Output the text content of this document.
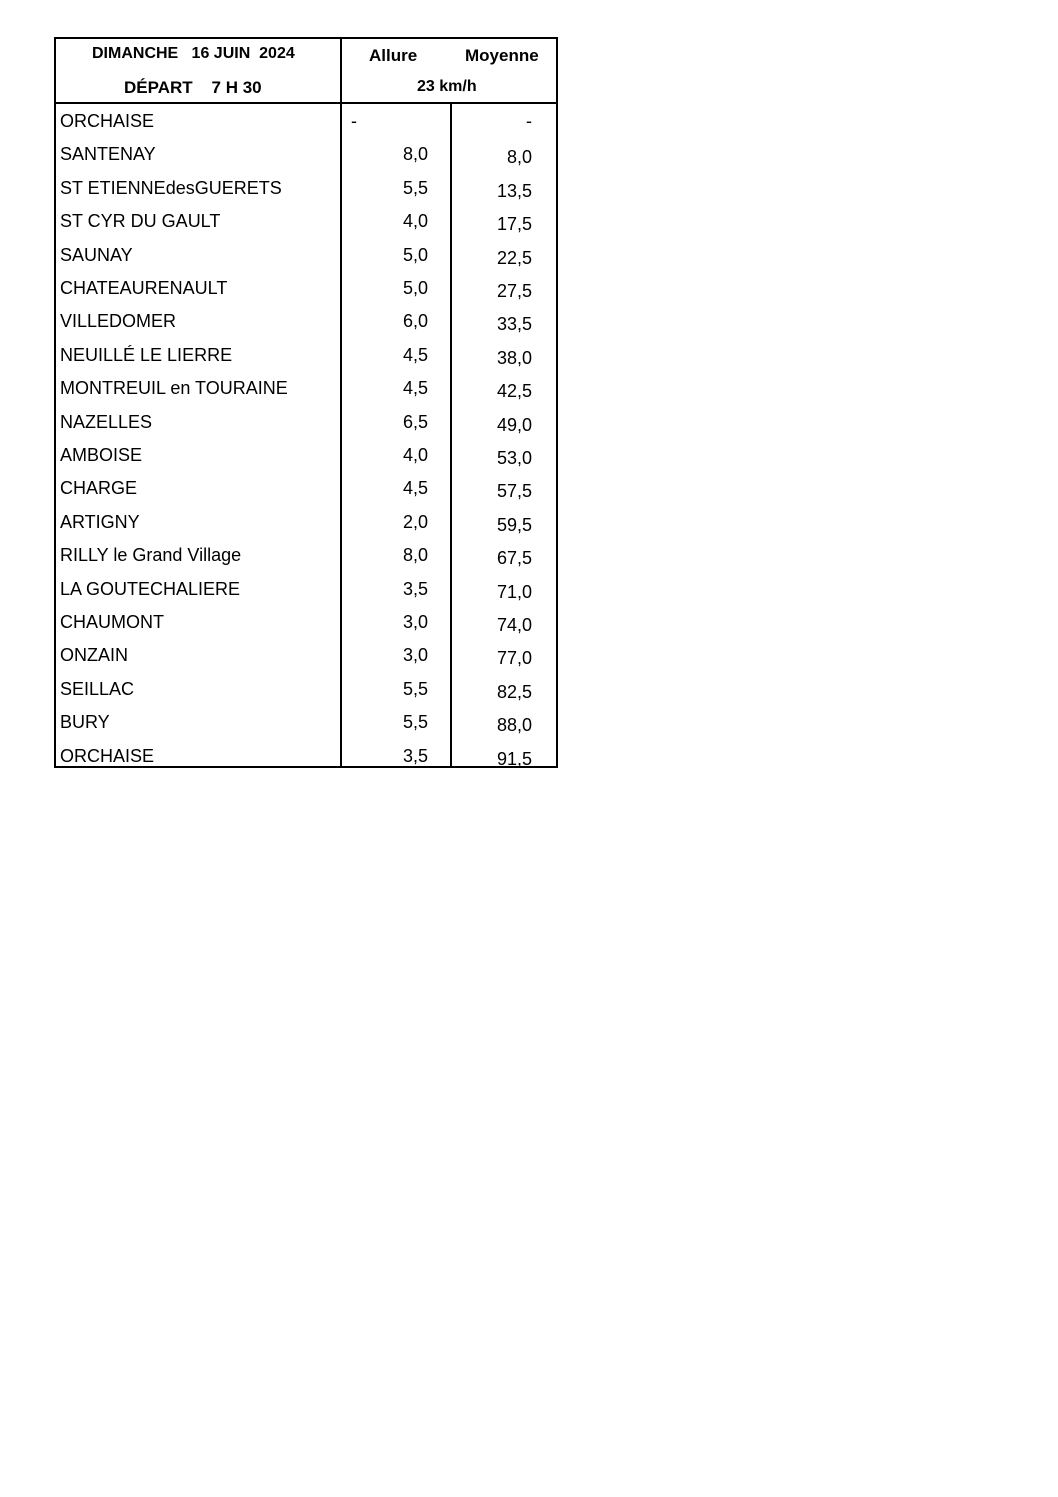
DIMANCHE   16 JUIN  2024
DÉPART    7 H 30
Allure	Moyenne
23 km/h
ORCHAISE	-	-
SANTENAY	8,0	8,0
ST ETIENNEdesGUERETS	5,5	13,5
ST CYR DU GAULT	4,0	17,5
SAUNAY	5,0	22,5
CHATEAURENAULT	5,0	27,5
VILLEDOMER	6,0	33,5
NEUILLÉ LE LIERRE	4,5	38,0
MONTREUIL en TOURAINE	4,5	42,5
NAZELLES	6,5	49,0
AMBOISE	4,0	53,0
CHARGE	4,5	57,5
ARTIGNY	2,0	59,5
RILLY le Grand Village	8,0	67,5
LA GOUTECHALIERE	3,5	71,0
CHAUMONT	3,0	74,0
ONZAIN	3,0	77,0
SEILLAC	5,5	82,5
BURY	5,5	88,0
ORCHAISE	3,5	91,5
